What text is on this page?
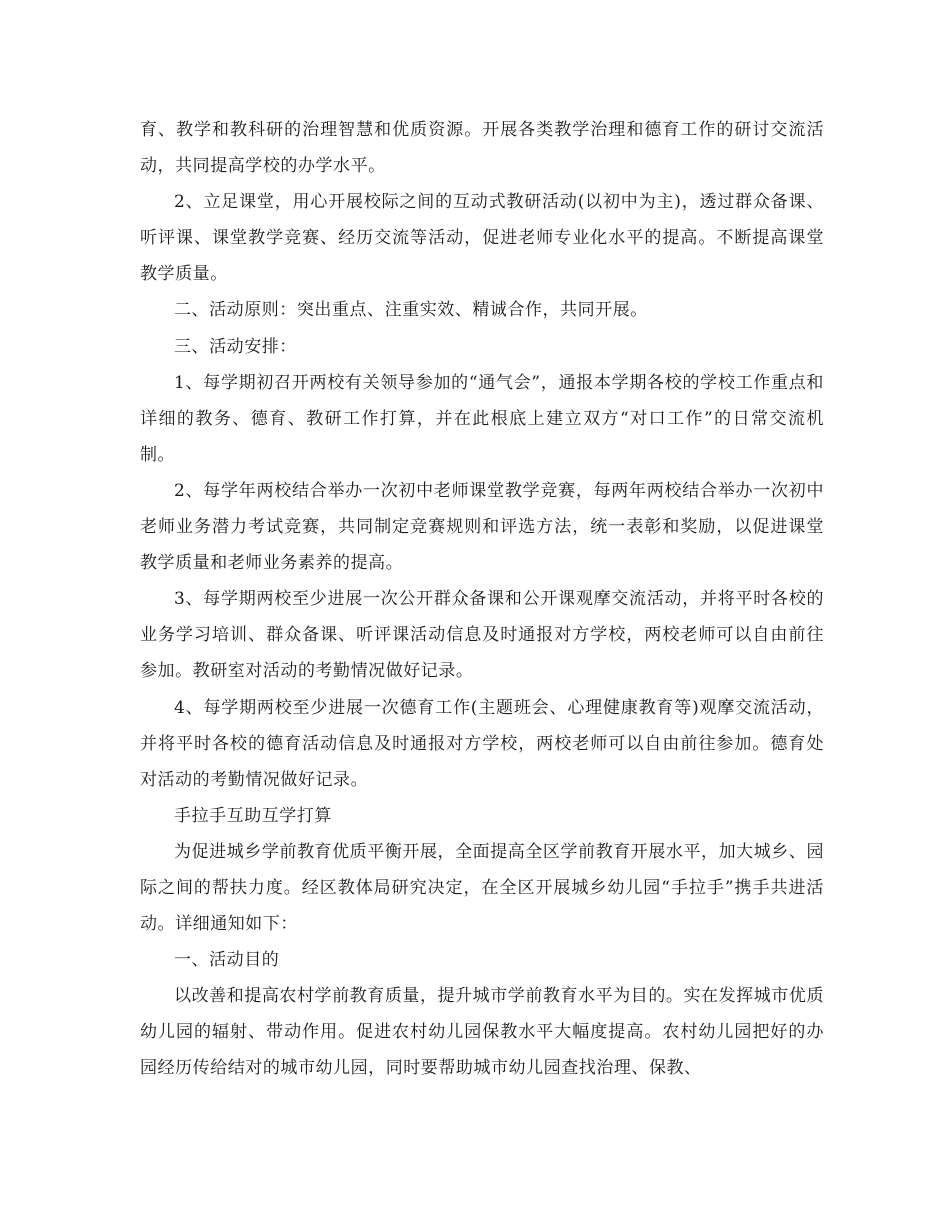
育、教学和教科研的治理智慧和优质资源。开展各类教学治理和德育工作的研讨交流活动，共同提高学校的办学水平。

2、立足课堂，用心开展校际之间的互动式教研活动(以初中为主)，透过群众备课、听评课、课堂教学竞赛、经历交流等活动，促进老师专业化水平的提高。不断提高课堂教学质量。

二、活动原则：突出重点、注重实效、精诚合作，共同开展。

三、活动安排：

1、每学期初召开两校有关领导参加的“通气会”，通报本学期各校的学校工作重点和详细的教务、德育、教研工作打算，并在此根底上建立双方“对口工作”的日常交流机制。

2、每学年两校结合举办一次初中老师课堂教学竞赛，每两年两校结合举办一次初中老师业务潜力考试竞赛，共同制定竞赛规则和评选方法，统一表彰和奖励，以促进课堂教学质量和老师业务素养的提高。

3、每学期两校至少进展一次公开群众备课和公开课观摩交流活动，并将平时各校的业务学习培训、群众备课、听评课活动信息及时通报对方学校，两校老师可以自由前往参加。教研室对活动的考勤情况做好记录。

4、每学期两校至少进展一次德育工作(主题班会、心理健康教育等)观摩交流活动，并将平时各校的德育活动信息及时通报对方学校，两校老师可以自由前往参加。德育处对活动的考勤情况做好记录。

手拉手互助互学打算

为促进城乡学前教育优质平衡开展，全面提高全区学前教育开展水平，加大城乡、园际之间的帮扶力度。经区教体局研究决定，在全区开展城乡幼儿园“手拉手”携手共进活动。详细通知如下：

一、活动目的

以改善和提高农村学前教育质量，提升城市学前教育水平为目的。实在发挥城市优质幼儿园的辐射、带动作用。促进农村幼儿园保教水平大幅度提高。农村幼儿园把好的办园经历传给结对的城市幼儿园，同时要帮助城市幼儿园查找治理、保教、
